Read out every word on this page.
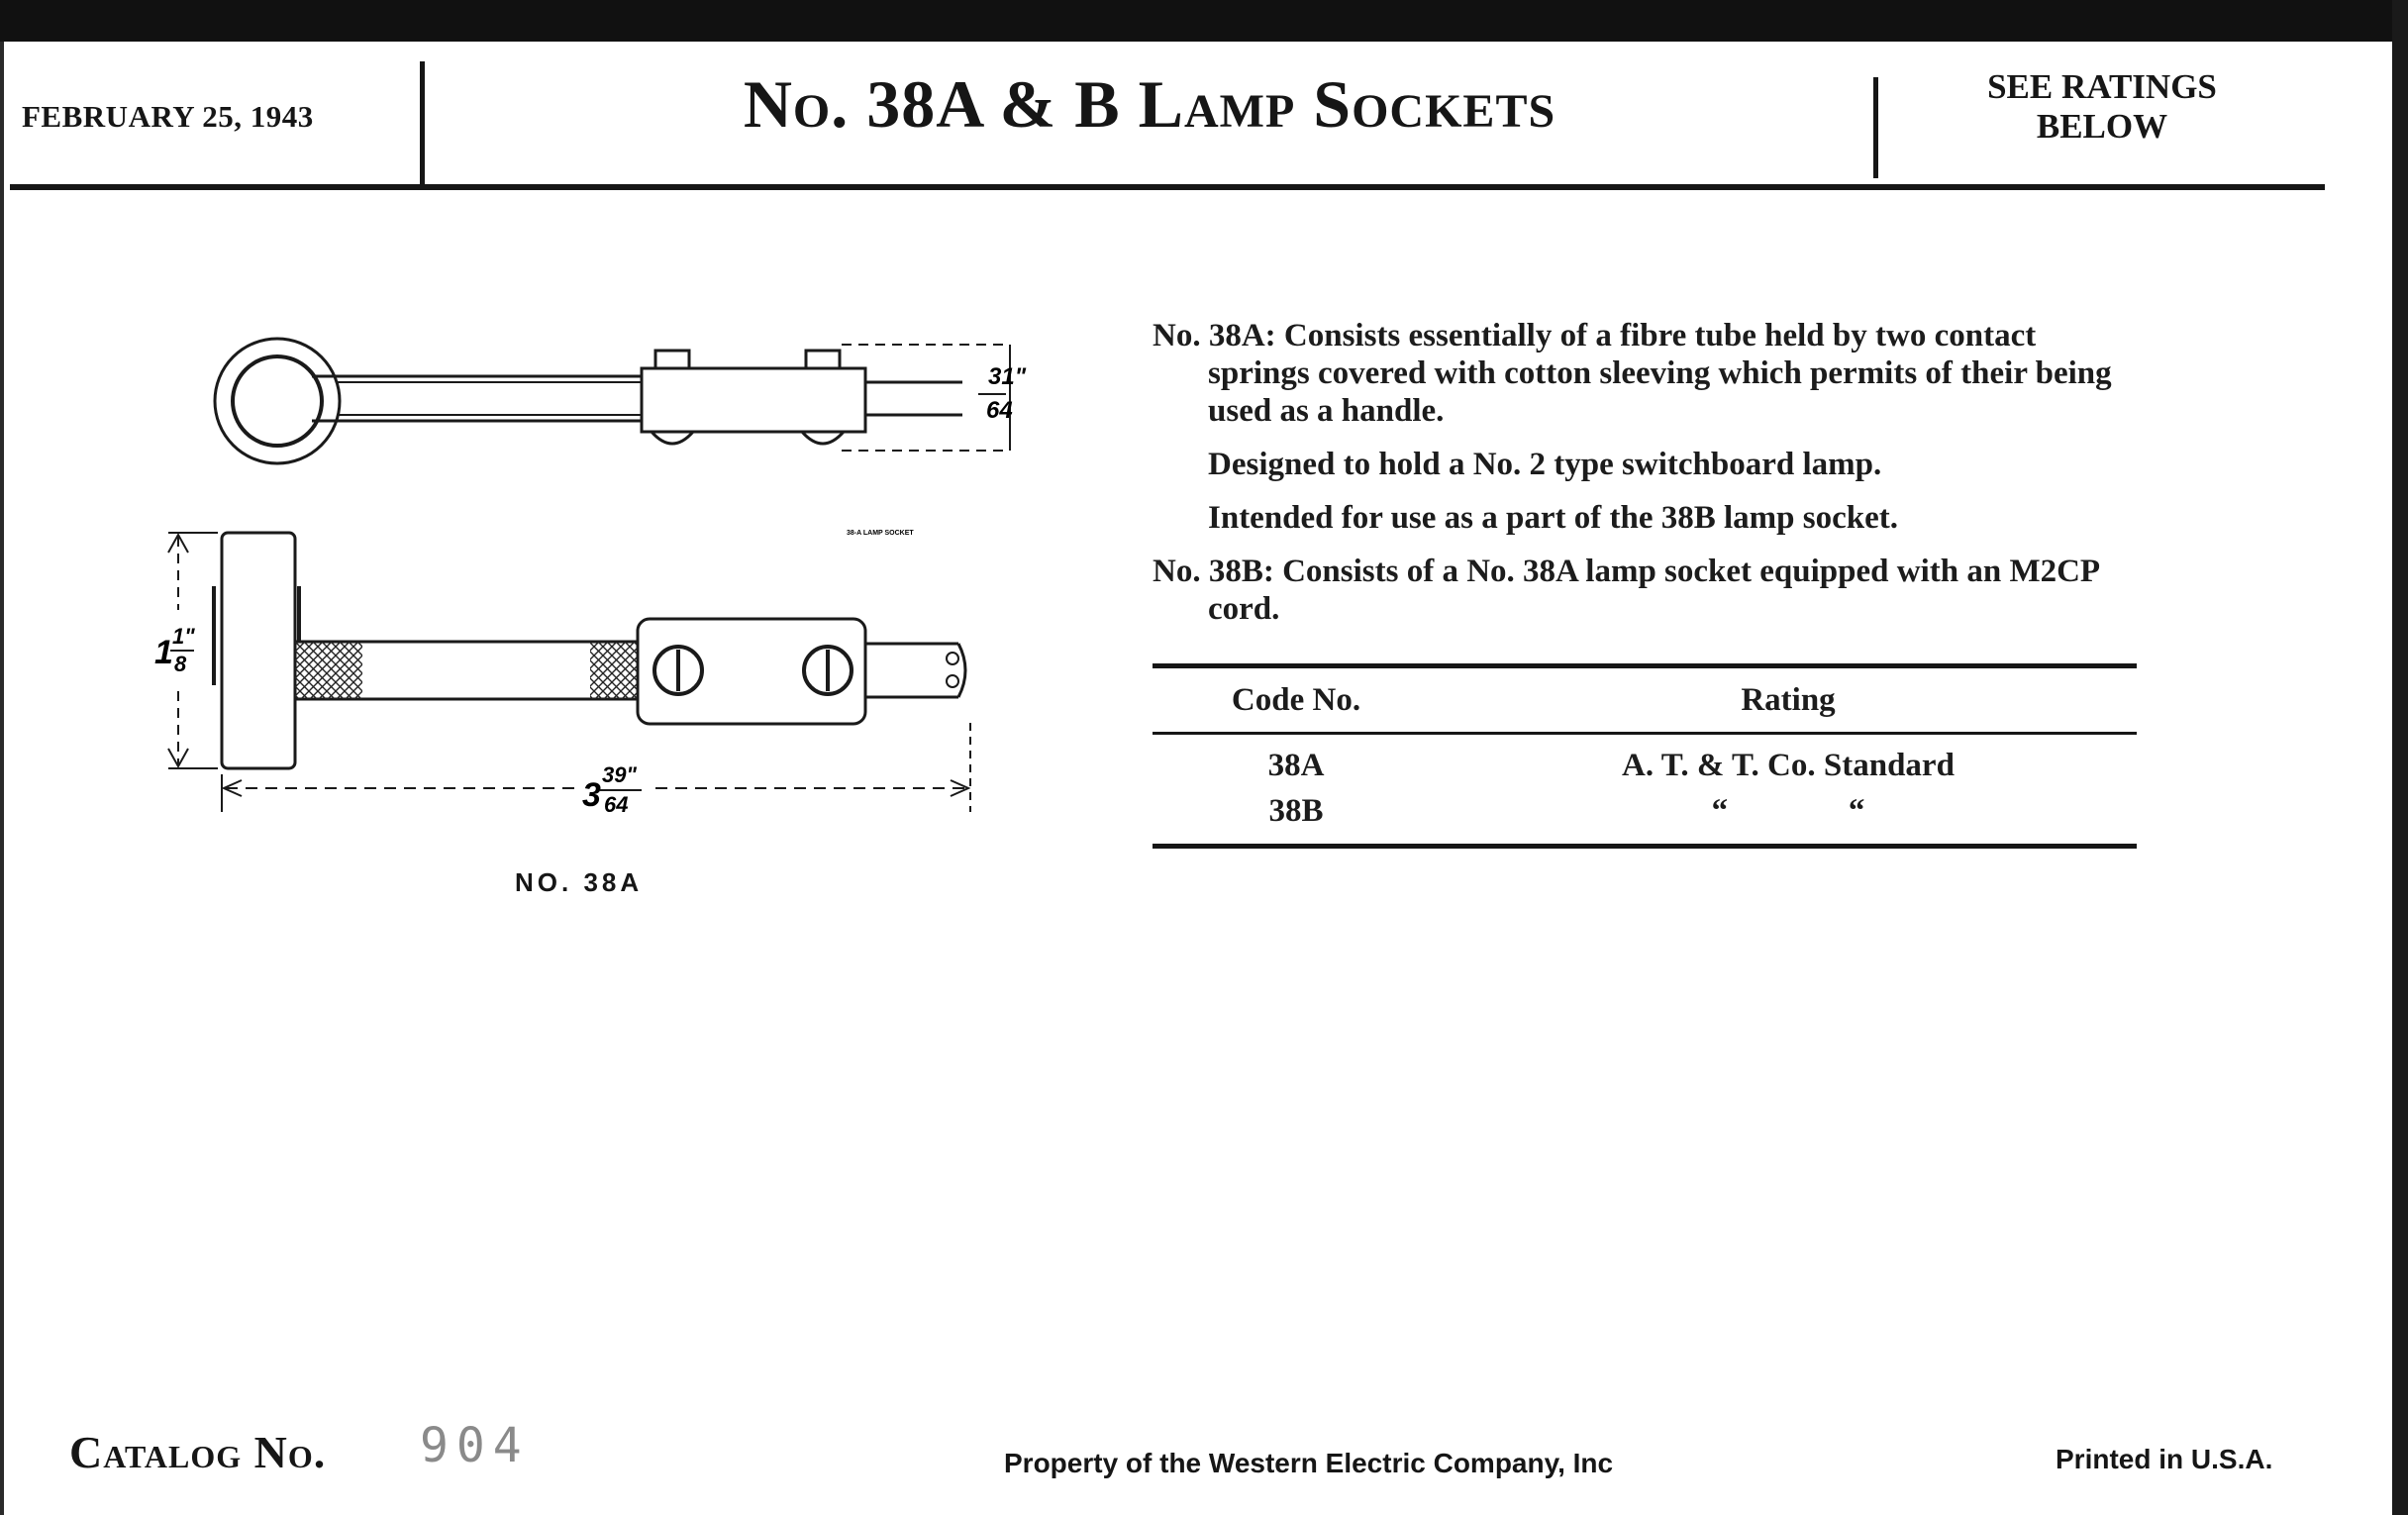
FEBRUARY 25, 1943	No. 38A & B Lamp Sockets	SEE RATINGS
BELOW
31"
64
38-A LAMP SOCKET
1 1"
8
3
39"
64
NO. 38A

No. 38A: Consists essentially of a fibre tube held by two contact springs covered with cotton sleeving which permits of their being used as a handle.

Designed to hold a No. 2 type switchboard lamp.

Intended for use as a part of the 38B lamp socket.

No. 38B: Consists of a No. 38A lamp socket equipped with an M2CP cord.

Code No.	Rating
38A	A. T. & T. Co. Standard
38B	“	“
Catalog No. 904	Property of the Western Electric Company, Inc	Printed in U.S.A.
